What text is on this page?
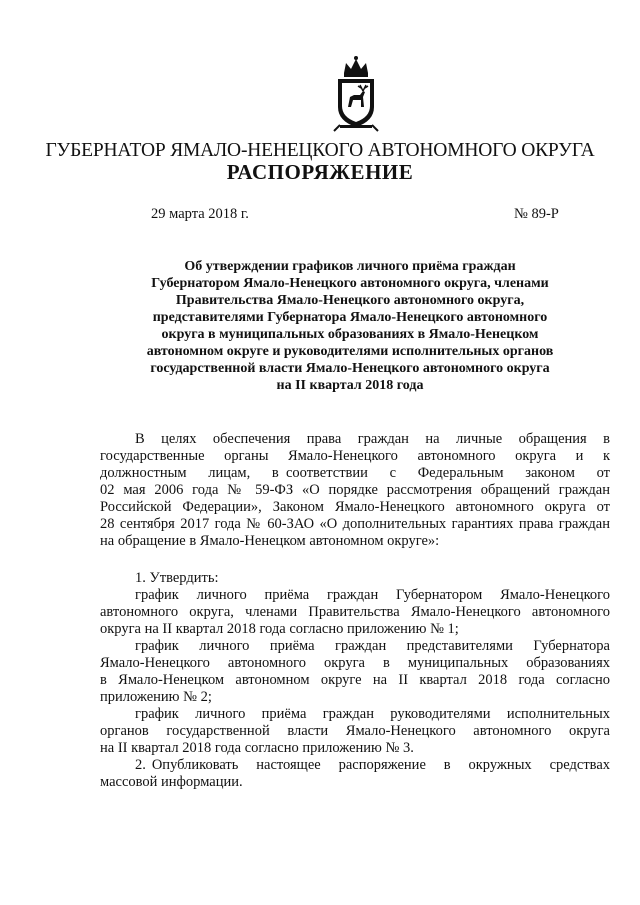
ГУБЕРНАТОР ЯМАЛО-НЕНЕЦКОГО АВТОНОМНОГО ОКРУГА
РАСПОРЯЖЕНИЕ
29 марта 2018 г.	№ 89-Р
Об утверждении графиков личного приёма граждан
Губернатором Ямало-Ненецкого автономного округа, членами
Правительства Ямало-Ненецкого автономного округа,
представителями Губернатора Ямало-Ненецкого автономного
округа в муниципальных образованиях в Ямало-Ненецком
автономном округе и руководителями исполнительных органов
государственной власти Ямало-Ненецкого автономного округа
на II квартал 2018 года
В   целях   обеспечения   права   граждан   на   личные   обращения   в
государственные   органы   Ямало-Ненецкого   автономного   округа   и   к
должностным   лицам,   в соответствии   с   Федеральным   законом   от
02 мая 2006 года № 59-ФЗ «О порядке рассмотрения обращений граждан
Российской Федерации», Законом Ямало-Ненецкого автономного округа от
28 сентября 2017 года № 60-ЗАО «О дополнительных гарантиях права граждан
на обращение в Ямало-Ненецком автономном округе»:
1. Утвердить:
график   личного   приёма   граждан   Губернатором   Ямало-Ненецкого
автономного округа, членами Правительства Ямало-Ненецкого автономного
округа на II квартал 2018 года согласно приложению № 1;
график   личного   приёма   граждан   представителями   Губернатора
Ямало-Ненецкого   автономного   округа   в   муниципальных   образованиях
в Ямало-Ненецком автономном округе на II квартал 2018 года согласно
приложению № 2;
график   личного   приёма   граждан   руководителями   исполнительных
органов   государственной   власти   Ямало-Ненецкого   автономного   округа
на II квартал 2018 года согласно приложению № 3.
2. Опубликовать   настоящее   распоряжение   в   окружных   средствах
массовой информации.
